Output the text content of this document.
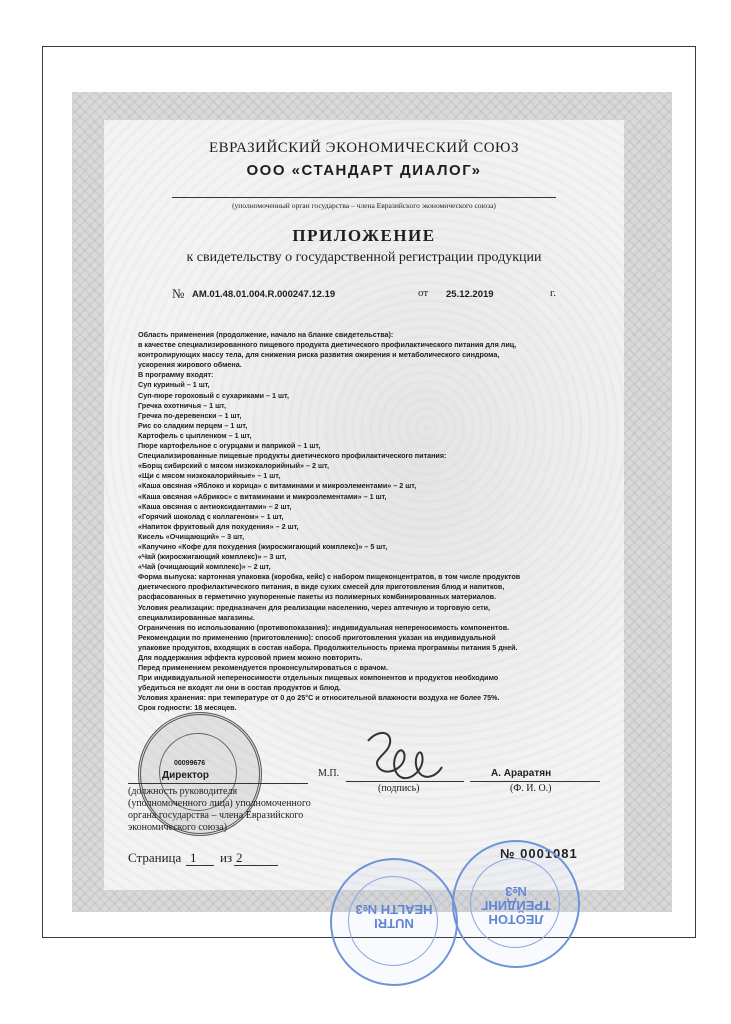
ЕВРАЗИЙСКИЙ ЭКОНОМИЧЕСКИЙ СОЮЗ
ООО «СТАНДАРТ ДИАЛОГ»
(уполномоченный орган государства – члена Евразийского экономического союза)
ПРИЛОЖЕНИЕ
к свидетельству о государственной регистрации продукции
№ AM.01.48.01.004.R.000247.12.19	от 25.12.2019	г.
Область применения (продолжение, начало на бланке свидетельства):
в качестве специализированного пищевого продукта диетического профилактического питания для лиц,
контролирующих массу тела, для снижения риска развития ожирения и метаболического синдрома,
ускорения жирового обмена.
В программу входят:
Суп куриный – 1 шт,
Суп-пюре гороховый с сухариками – 1 шт,
Гречка охотничья – 1 шт,
Гречка по-деревенски – 1 шт,
Рис со сладким перцем – 1 шт,
Картофель с цыпленком – 1 шт,
Пюре картофельное с огурцами и паприкой – 1 шт,
Специализированные пищевые продукты диетического профилактического питания:
«Борщ сибирский с мясом низкокалорийный» – 2 шт,
«Щи с мясом низкокалорийные» – 1 шт,
«Каша овсяная «Яблоко и корица» с витаминами и микроэлементами» – 2 шт,
«Каша овсяная «Абрикос» с витаминами и микроэлементами» – 1 шт,
«Каша овсяная с антиоксидантами» – 2 шт,
«Горячий шоколад с коллагеном» – 1 шт,
«Напиток фруктовый для похудения» – 2 шт,
Кисель «Очищающий» – 3 шт,
«Капучино «Кофе для похудения (жиросжигающий комплекс)» – 5 шт,
«Чай (жиросжигающий комплекс)» – 3 шт,
«Чай (очищающий комплекс)» – 2 шт,
Форма выпуска: картонная упаковка (коробка, кейс) с набором пищеконцентратов, в том числе продуктов
диетического профилактического питания, в виде сухих смесей для приготовления блюд и напитков,
расфасованных в герметично укупоренные пакеты из полимерных комбинированных материалов.
Условия реализации: предназначен для реализации населению, через аптечную и торговую сети,
специализированные магазины.
Ограничения по использованию (противопоказания): индивидуальная непереносимость компонентов.
Рекомендации по применению (приготовлению): способ приготовления указан на индивидуальной
упаковке продуктов, входящих в состав набора. Продолжительность приема программы питания 5 дней.
Для поддержания эффекта курсовой прием можно повторить.
Перед применением рекомендуется проконсультироваться с врачом.
При индивидуальной непереносимости отдельных пищевых компонентов и продуктов необходимо
убедиться не входят ли они в состав продуктов и блюд.
Условия хранения: при температуре от 0 до 25°С и относительной влажности воздуха не более 75%.
Срок годности: 18 месяцев.
00099676
Директор
(должность руководителя
(уполномоченного лица) уполномоченного
органа государства – члена Евразийского
экономического союза)
М.П.
(подпись)
А. Араратян
(Ф. И. О.)
Страница 1 из 2	№ 0001081
NUTRI HEALTH №3
ЛЕОТОН ТРЕЙДИНГ №3
